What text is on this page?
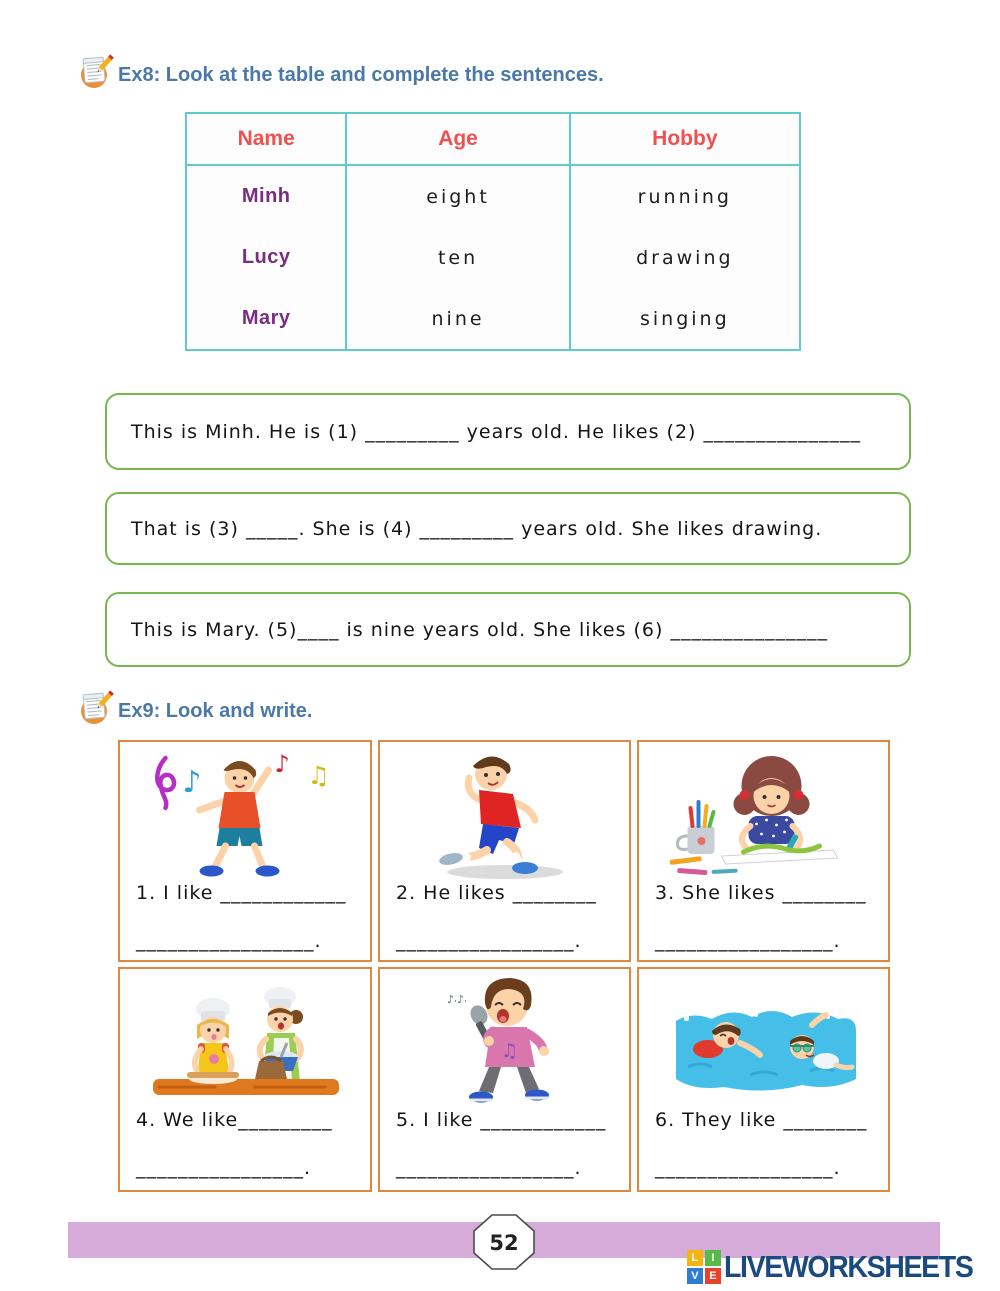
Ex8: Look at the table and complete the sentences.
Name	Age	Hobby
Minh	eight	running
Lucy	ten	drawing
Mary	nine	singing

This is Minh. He is (1) _________ years old. He likes (2) _______________

That is (3) _____. She is (4) _________ years old. She likes drawing.

This is Mary. (5)____ is nine years old. She likes (6) _______________

Ex9: Look and write.
♪
♪ ♫

1. I like ____________

_________________.

2. He likes ________

_________________.

3. She likes ________

_________________.

4. We like_________

________________.

♪⸳♪⸳
♫

5. I like ____________

_________________.

6. They like ________

_________________.

52
L	I
V E LIVEWORKSHEETS
